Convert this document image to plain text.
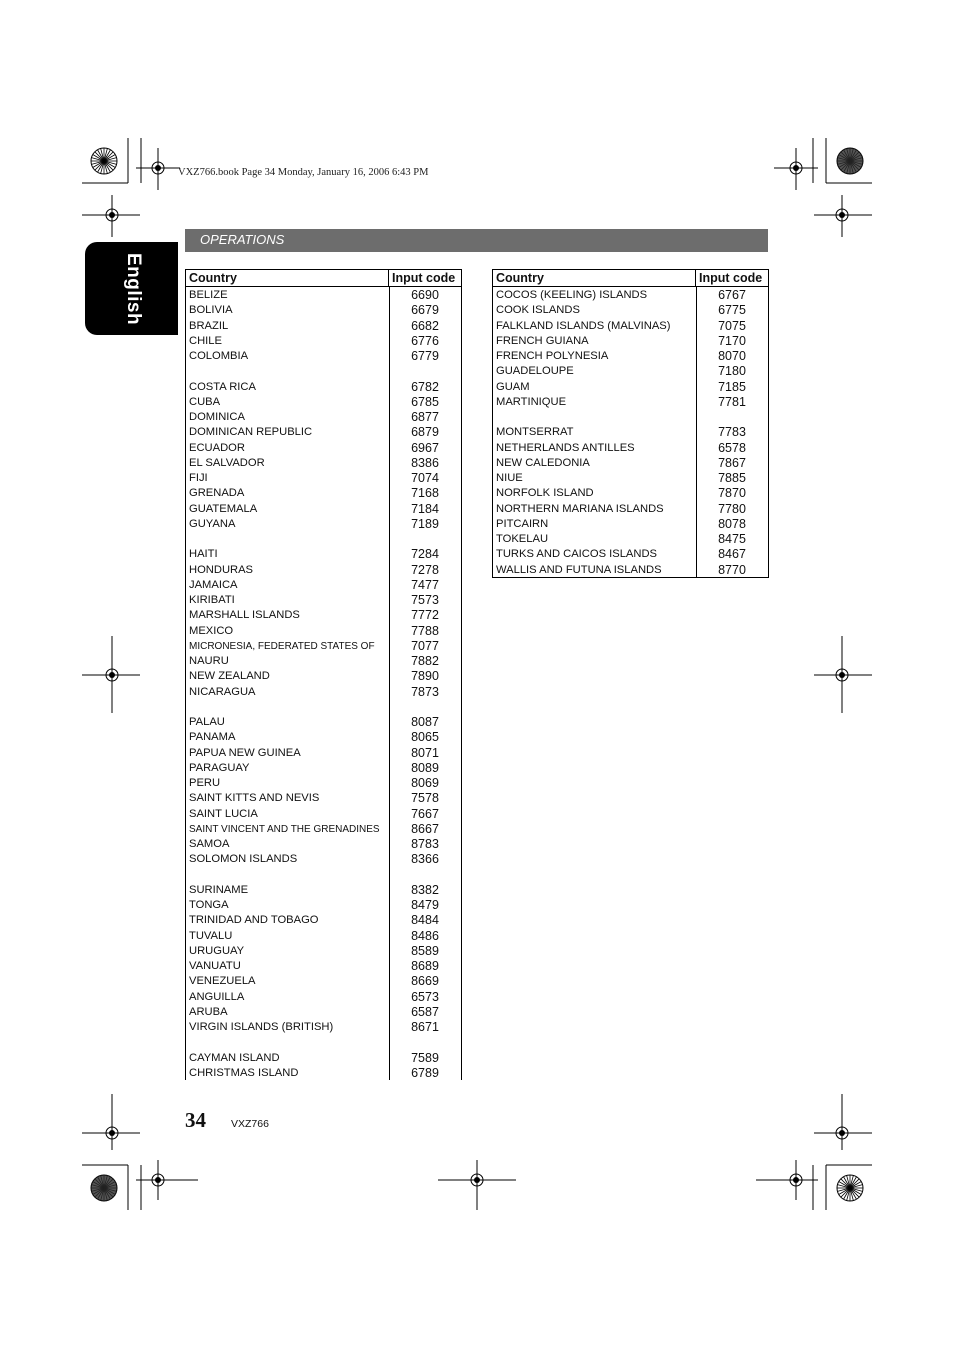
VXZ766.book Page 34 Monday, January 16, 2006 6:43 PM
English
OPERATIONS
Country	Input code
BELIZE	6690
BOLIVIA	6679
BRAZIL	6682
CHILE	6776
COLOMBIA	6779
COSTA RICA	6782
CUBA	6785
DOMINICA	6877
DOMINICAN REPUBLIC	6879
ECUADOR	6967
EL SALVADOR	8386
FIJI	7074
GRENADA	7168
GUATEMALA	7184
GUYANA	7189
HAITI	7284
HONDURAS	7278
JAMAICA	7477
KIRIBATI	7573
MARSHALL ISLANDS	7772
MEXICO	7788
MICRONESIA, FEDERATED STATES OF	7077
NAURU	7882
NEW ZEALAND	7890
NICARAGUA	7873
PALAU	8087
PANAMA	8065
PAPUA NEW GUINEA	8071
PARAGUAY	8089
PERU	8069
SAINT KITTS AND NEVIS	7578
SAINT LUCIA	7667
SAINT VINCENT AND THE GRENADINES	8667
SAMOA	8783
SOLOMON ISLANDS	8366
SURINAME	8382
TONGA	8479
TRINIDAD AND TOBAGO	8484
TUVALU	8486
URUGUAY	8589
VANUATU	8689
VENEZUELA	8669
ANGUILLA	6573
ARUBA	6587
VIRGIN ISLANDS (BRITISH)	8671
CAYMAN ISLAND	7589
CHRISTMAS ISLAND	6789
Country	Input code
COCOS (KEELING) ISLANDS	6767
COOK ISLANDS	6775
FALKLAND ISLANDS (MALVINAS)	7075
FRENCH GUIANA	7170
FRENCH POLYNESIA	8070
GUADELOUPE	7180
GUAM	7185
MARTINIQUE	7781
MONTSERRAT	7783
NETHERLANDS ANTILLES	6578
NEW CALEDONIA	7867
NIUE	7885
NORFOLK ISLAND	7870
NORTHERN MARIANA ISLANDS	7780
PITCAIRN	8078
TOKELAU	8475
TURKS AND CAICOS ISLANDS	8467
WALLIS AND FUTUNA ISLANDS	8770
34 VXZ766
